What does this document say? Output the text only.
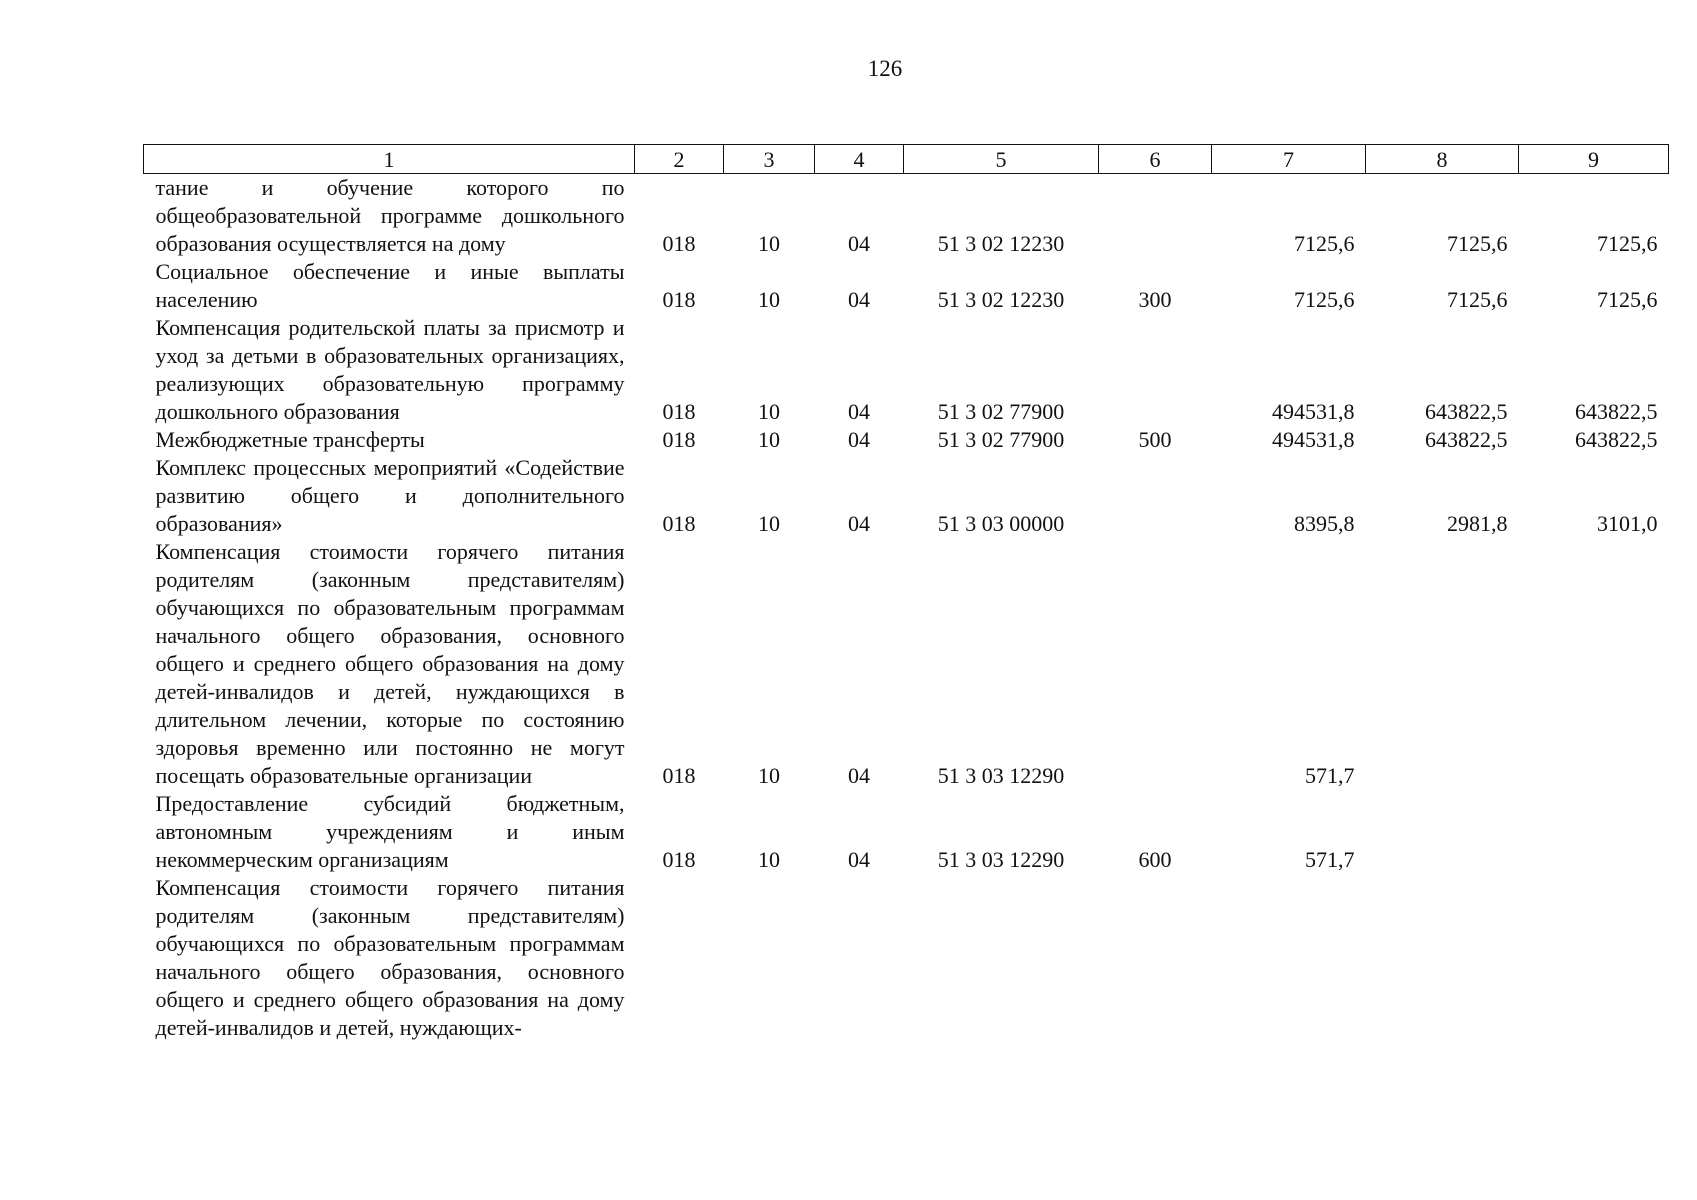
126
1	2	3	4	5	6	7	8	9
тание и обучение которого по общеобразовательной программе дошкольного образования осуществляется на дому	018	10	04	51 3 02 12230		7125,6	7125,6	7125,6
Социальное обеспечение и иные выплаты населению	018	10	04	51 3 02 12230	300	7125,6	7125,6	7125,6
Компенсация родительской платы за присмотр и уход за детьми в образовательных организациях, реализующих образовательную программу дошкольного образования	018	10	04	51 3 02 77900		494531,8	643822,5	643822,5
Межбюджетные трансферты	018	10	04	51 3 02 77900	500	494531,8	643822,5	643822,5
Комплекс процессных мероприятий «Содействие развитию общего и дополнительного образования»	018	10	04	51 3 03 00000		8395,8	2981,8	3101,0
Компенсация стоимости горячего питания родителям (законным представителям) обучающихся по образовательным программам начального общего образования, основного общего и среднего общего образования на дому детей-инвалидов и детей, нуждающихся в длительном лечении, которые по состоянию здоровья временно или постоянно не могут посещать образовательные организации	018	10	04	51 3 03 12290		571,7		
Предоставление субсидий бюджетным, автономным учреждениям и иным некоммерческим организациям	018	10	04	51 3 03 12290	600	571,7		
Компенсация стоимости горячего питания родителям (законным представителям) обучающихся по образовательным программам начального общего образования, основного общего и среднего общего образования на дому детей-инвалидов и детей, нуждающих-								
